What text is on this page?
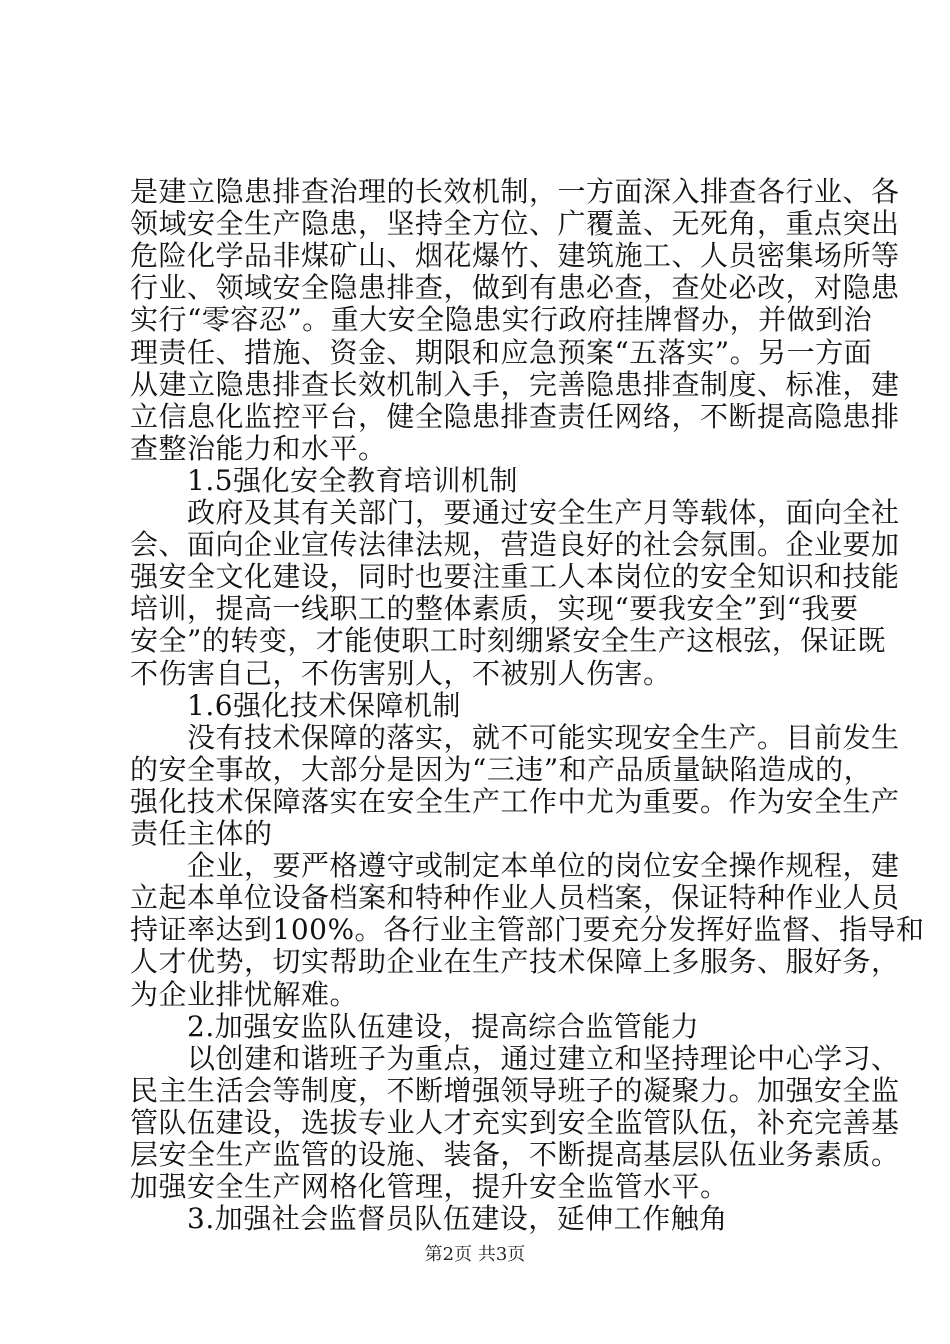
是建立隐患排查治理的长效机制，一方面深入排查各行业、各
领域安全生产隐患，坚持全方位、广覆盖、无死角，重点突出
危险化学品非煤矿山、烟花爆竹、建筑施工、人员密集场所等
行业、领域安全隐患排查，做到有患必查，查处必改，对隐患
实行“零容忍”。重大安全隐患实行政府挂牌督办，并做到治
理责任、措施、资金、期限和应急预案“五落实”。另一方面
从建立隐患排查长效机制入手，完善隐患排查制度、标准，建
立信息化监控平台，健全隐患排查责任网络，不断提高隐患排
查整治能力和水平。
　　1.5强化安全教育培训机制
　　政府及其有关部门，要通过安全生产月等载体，面向全社
会、面向企业宣传法律法规，营造良好的社会氛围。企业要加
强安全文化建设，同时也要注重工人本岗位的安全知识和技能
培训，提高一线职工的整体素质，实现“要我安全”到“我要
安全”的转变，才能使职工时刻绷紧安全生产这根弦，保证既
不伤害自己，不伤害别人，不被别人伤害。
　　1.6强化技术保障机制
　　没有技术保障的落实，就不可能实现安全生产。目前发生
的安全事故，大部分是因为“三违”和产品质量缺陷造成的，
强化技术保障落实在安全生产工作中尤为重要。作为安全生产
责任主体的
　　企业，要严格遵守或制定本单位的岗位安全操作规程，建
立起本单位设备档案和特种作业人员档案，保证特种作业人员
持证率达到100%。各行业主管部门要充分发挥好监督、指导和
人才优势，切实帮助企业在生产技术保障上多服务、服好务，
为企业排忧解难。
　　2.加强安监队伍建设，提高综合监管能力
　　以创建和谐班子为重点，通过建立和坚持理论中心学习、
民主生活会等制度，不断增强领导班子的凝聚力。加强安全监
管队伍建设，选拔专业人才充实到安全监管队伍，补充完善基
层安全生产监管的设施、装备，不断提高基层队伍业务素质。
加强安全生产网格化管理，提升安全监管水平。
　　3.加强社会监督员队伍建设，延伸工作触角
第2页 共3页
